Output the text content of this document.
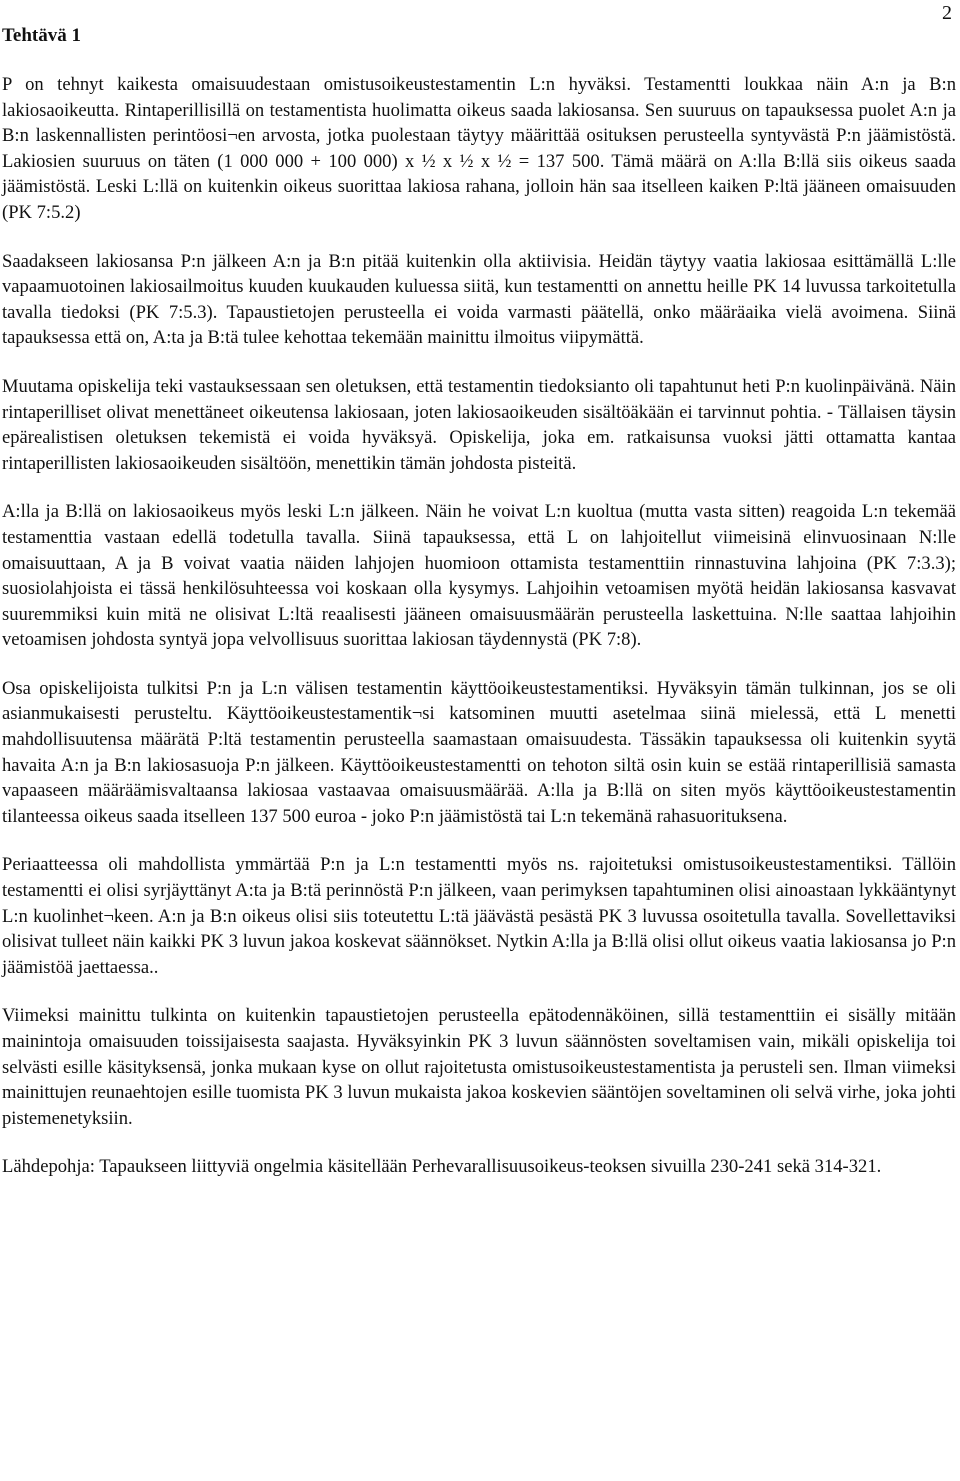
2
Tehtävä 1

P on tehnyt kaikesta omaisuudestaan omistusoikeustestamentin L:n hyväksi. Testamentti loukkaa näin A:n ja B:n lakiosaoikeutta. Rintaperillisillä on testamentista huolimatta oikeus saada lakiosansa. Sen suuruus on tapauksessa puolet A:n ja B:n laskennallisten perintöosi¬en arvosta, jotka puolestaan täytyy määrittää osituksen perusteella syntyvästä P:n jäämistöstä. Lakiosien suuruus on täten (1 000 000 + 100 000) x ½ x ½ x ½ = 137 500. Tämä määrä on A:lla B:llä siis oikeus saada jäämistöstä. Leski L:llä on kuitenkin oikeus suorittaa lakiosa rahana, jolloin hän saa itselleen kaiken P:ltä jääneen omaisuuden (PK 7:5.2)

Saadakseen lakiosansa P:n jälkeen A:n ja B:n pitää kuitenkin olla aktiivisia. Heidän täytyy vaatia lakiosaa esittämällä L:lle vapaamuotoinen lakiosailmoitus kuuden kuukauden kuluessa siitä, kun testamentti on annettu heille PK 14 luvussa tarkoitetulla tavalla tiedoksi (PK 7:5.3). Tapaustietojen perusteella ei voida varmasti päätellä, onko määräaika vielä avoimena. Siinä tapauksessa että on, A:ta ja B:tä tulee kehottaa tekemään mainittu ilmoitus viipymättä.

Muutama opiskelija teki vastauksessaan sen oletuksen, että testamentin tiedoksianto oli tapahtunut heti P:n kuolinpäivänä. Näin rintaperilliset olivat menettäneet oikeutensa lakiosaan, joten lakiosaoikeuden sisältöäkään ei tarvinnut pohtia. - Tällaisen täysin epärealistisen oletuksen tekemistä ei voida hyväksyä. Opiskelija, joka em. ratkaisunsa vuoksi jätti ottamatta kantaa rintaperillisten lakiosaoikeuden sisältöön, menettikin tämän johdosta pisteitä.

A:lla ja B:llä on lakiosaoikeus myös leski L:n jälkeen. Näin he voivat L:n kuoltua (mutta vasta sitten) reagoida L:n tekemää testamenttia vastaan edellä todetulla tavalla. Siinä tapauksessa, että L on lahjoitellut viimeisinä elinvuosinaan N:lle omaisuuttaan, A ja B voivat vaatia näiden lahjojen huomioon ottamista testamenttiin rinnastuvina lahjoina (PK 7:3.3); suosiolahjoista ei tässä henkilösuhteessa voi koskaan olla kysymys. Lahjoihin vetoamisen myötä heidän lakiosansa kasvavat suuremmiksi kuin mitä ne olisivat L:ltä reaalisesti jääneen omaisuusmäärän perusteella laskettuina. N:lle saattaa lahjoihin vetoamisen johdosta syntyä jopa velvollisuus suorittaa lakiosan täydennystä (PK 7:8).

Osa opiskelijoista tulkitsi P:n ja L:n välisen testamentin käyttöoikeustestamentiksi. Hyväksyin tämän tulkinnan, jos se oli asianmukaisesti perusteltu. Käyttöoikeustestamentik¬si katsominen muutti asetelmaa siinä mielessä, että L menetti mahdollisuutensa määrätä P:ltä testamentin perusteella saamastaan omaisuudesta. Tässäkin tapauksessa oli kuitenkin syytä havaita A:n ja B:n lakiosasuoja P:n jälkeen. Käyttöoikeustestamentti on tehoton siltä osin kuin se estää rintaperillisiä samasta vapaaseen määräämisvaltaansa lakiosaa vastaavaa omaisuusmäärää. A:lla ja B:llä on siten myös käyttöoikeustestamentin tilanteessa oikeus saada itselleen 137 500 euroa - joko P:n jäämistöstä tai L:n tekemänä rahasuorituksena.

Periaatteessa oli mahdollista ymmärtää P:n ja L:n testamentti myös ns. rajoitetuksi omistusoikeustestamentiksi. Tällöin testamentti ei olisi syrjäyttänyt A:ta ja B:tä perinnöstä P:n jälkeen, vaan perimyksen tapahtuminen olisi ainoastaan lykkääntynyt L:n kuolinhet¬keen. A:n ja B:n oikeus olisi siis toteutettu L:tä jäävästä pesästä PK 3 luvussa osoitetulla tavalla. Sovellettaviksi olisivat tulleet näin kaikki PK 3 luvun jakoa koskevat säännökset. Nytkin A:lla ja B:llä olisi ollut oikeus vaatia lakiosansa jo P:n jäämistöä jaettaessa..

Viimeksi mainittu tulkinta on kuitenkin tapaustietojen perusteella epätodennäköinen, sillä testamenttiin ei sisälly mitään mainintoja omaisuuden toissijaisesta saajasta. Hyväksyinkin PK 3 luvun säännösten soveltamisen vain, mikäli opiskelija toi selvästi esille käsityksensä, jonka mukaan kyse on ollut rajoitetusta omistusoikeustestamentista ja perusteli sen. Ilman viimeksi mainittujen reunaehtojen esille tuomista PK 3 luvun mukaista jakoa koskevien sääntöjen soveltaminen oli selvä virhe, joka johti pistemenetyksiin.

Lähdepohja: Tapaukseen liittyviä ongelmia käsitellään Perhevarallisuusoikeus-teoksen sivuilla 230-241 sekä 314-321.
